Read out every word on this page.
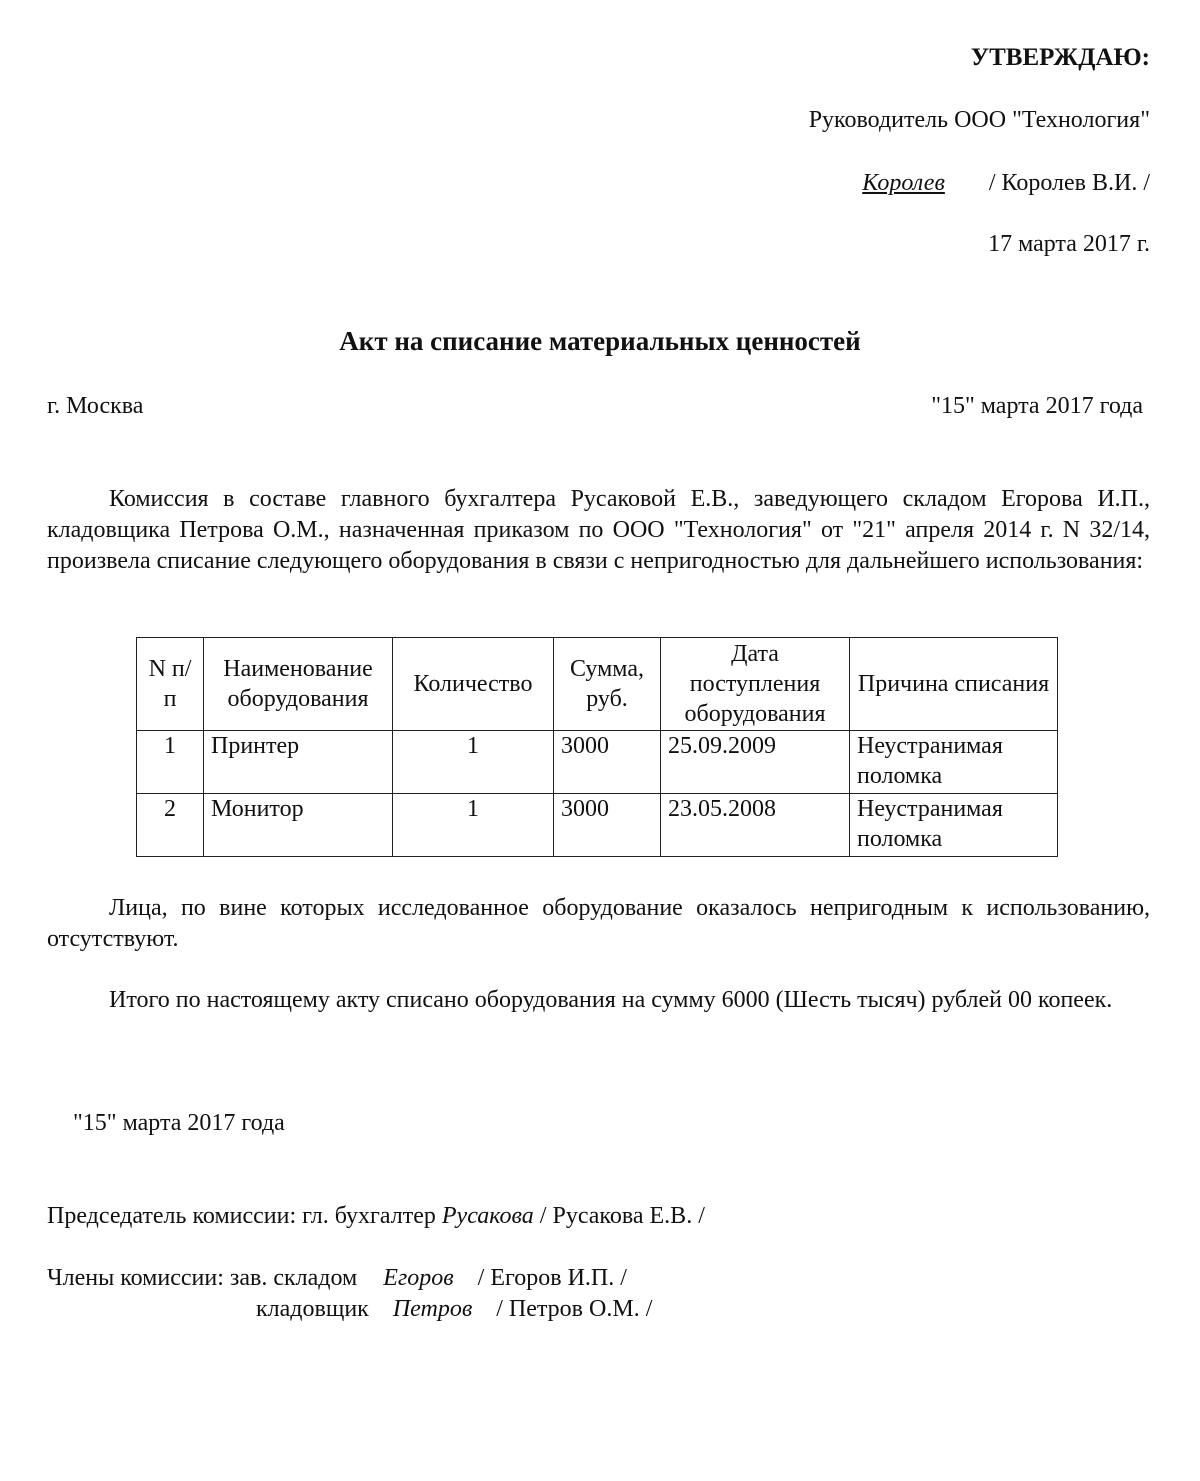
УТВЕРЖДАЮ:
Руководитель ООО "Технология"
Королев / Королев В.И. /
17 марта 2017 г.
Акт на списание материальных ценностей
г. Москва	"15" марта 2017 года
Комиссия в составе главного бухгалтера Русаковой Е.В., заведующего складом Егорова И.П., кладовщика Петрова О.М., назначенная приказом по ООО "Технология" от "21" апреля 2014 г. N 32/14, произвела списание следующего оборудования в связи с непригодностью для дальнейшего использования:
N п/п	Наименование оборудования	Количество	Сумма, руб.	Дата поступления оборудования	Причина списания
1	Принтер	1	3000	25.09.2009	Неустранимая поломка
2	Монитор	1	3000	23.05.2008	Неустранимая поломка
Лица, по вине которых исследованное оборудование оказалось непригодным к использованию, отсутствуют.
Итого по настоящему акту списано оборудования на сумму 6000 (Шесть тысяч) рублей 00 копеек.
"15" марта 2017 года
Председатель комиссии: гл. бухгалтер Русакова / Русакова Е.В. /
Члены комиссии: зав. складом Егоров / Егоров И.П. /
кладовщик Петров / Петров О.М. /
